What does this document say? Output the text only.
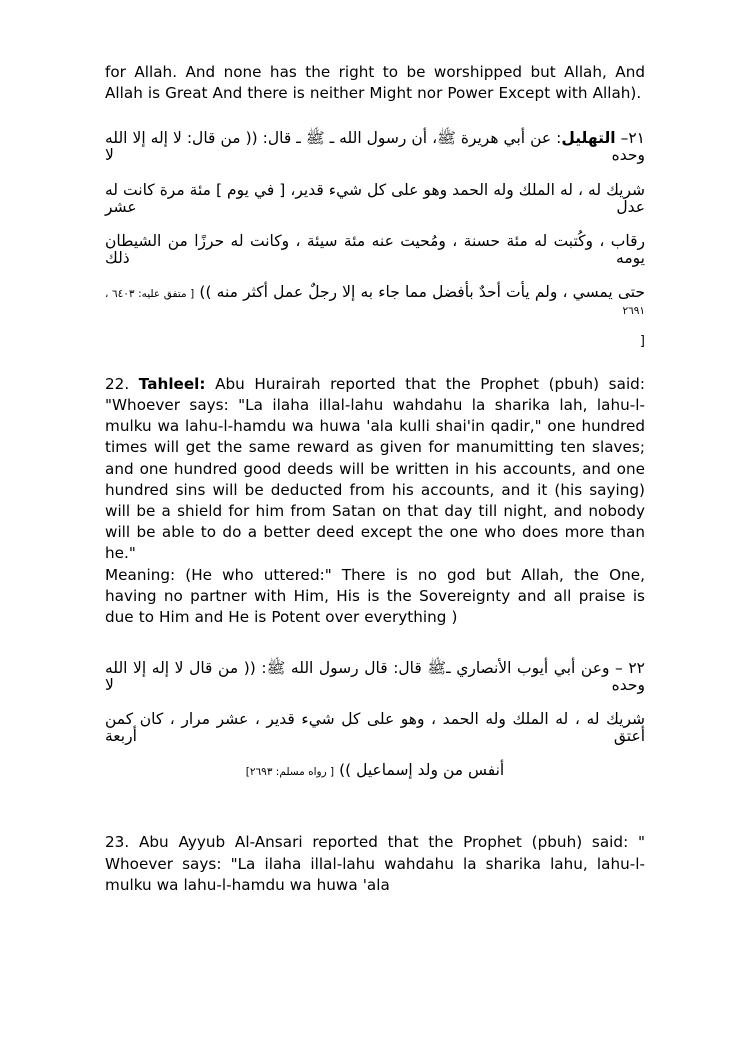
for Allah. And none has the right to be worshipped but Allah, And Allah is Great And there is neither Might nor Power Except with Allah).

٢١– التهليل: عن أبي هريرة ﷺ، أن رسول الله ـ ﷺ ـ قال: (( من قال: لا إله إلا الله وحده لا
شريك له ، له الملك وله الحمد وهو على كل شيء قدير، [ في يوم ] مئة مرة كانت له عدل عشر
رقاب ، وكُتبت له مئة حسنة ، ومُحيت عنه مئة سيئة ، وكانت له حرزًا من الشيطان يومه ذلك
حتى يمسي ، ولم يأت أحدٌ بأفضل مما جاء به إلا رجلٌ عمل أكثر منه )) [ متفق عليه: ٦٤٠٣ ، ٢٦٩١
[

22. Tahleel: Abu Hurairah reported that the Prophet (pbuh) said: "Whoever says: "La ilaha illal-lahu wahdahu la sharika lah, lahu-l-mulku wa lahu-l-hamdu wa huwa 'ala kulli shai'in qadir," one hundred times will get the same reward as given for manumitting ten slaves; and one hundred good deeds will be written in his accounts, and one hundred sins will be deducted from his accounts, and it (his saying) will be a shield for him from Satan on that day till night, and nobody will be able to do a better deed except the one who does more than he."

Meaning: (He who uttered:" There is no god but Allah, the One, having no partner with Him, His is the Sovereignty and all praise is due to Him and He is Potent over everything )

٢٢ – وعن أبي أيوب الأنصاري ـﷺ قال: قال رسول الله ﷺ: (( من قال لا إله إلا الله وحده لا
شريك له ، له الملك وله الحمد ، وهو على كل شيء قدير ، عشر مرار ، كان كمن أعتق أربعة
أنفس من ولد إسماعيل )) [ رواه مسلم: ٢٦٩٣]

23. Abu Ayyub Al-Ansari reported that the Prophet (pbuh) said: " Whoever says: "La ilaha illal-lahu wahdahu la sharika lahu, lahu-l-mulku wa lahu-l-hamdu wa huwa 'ala
